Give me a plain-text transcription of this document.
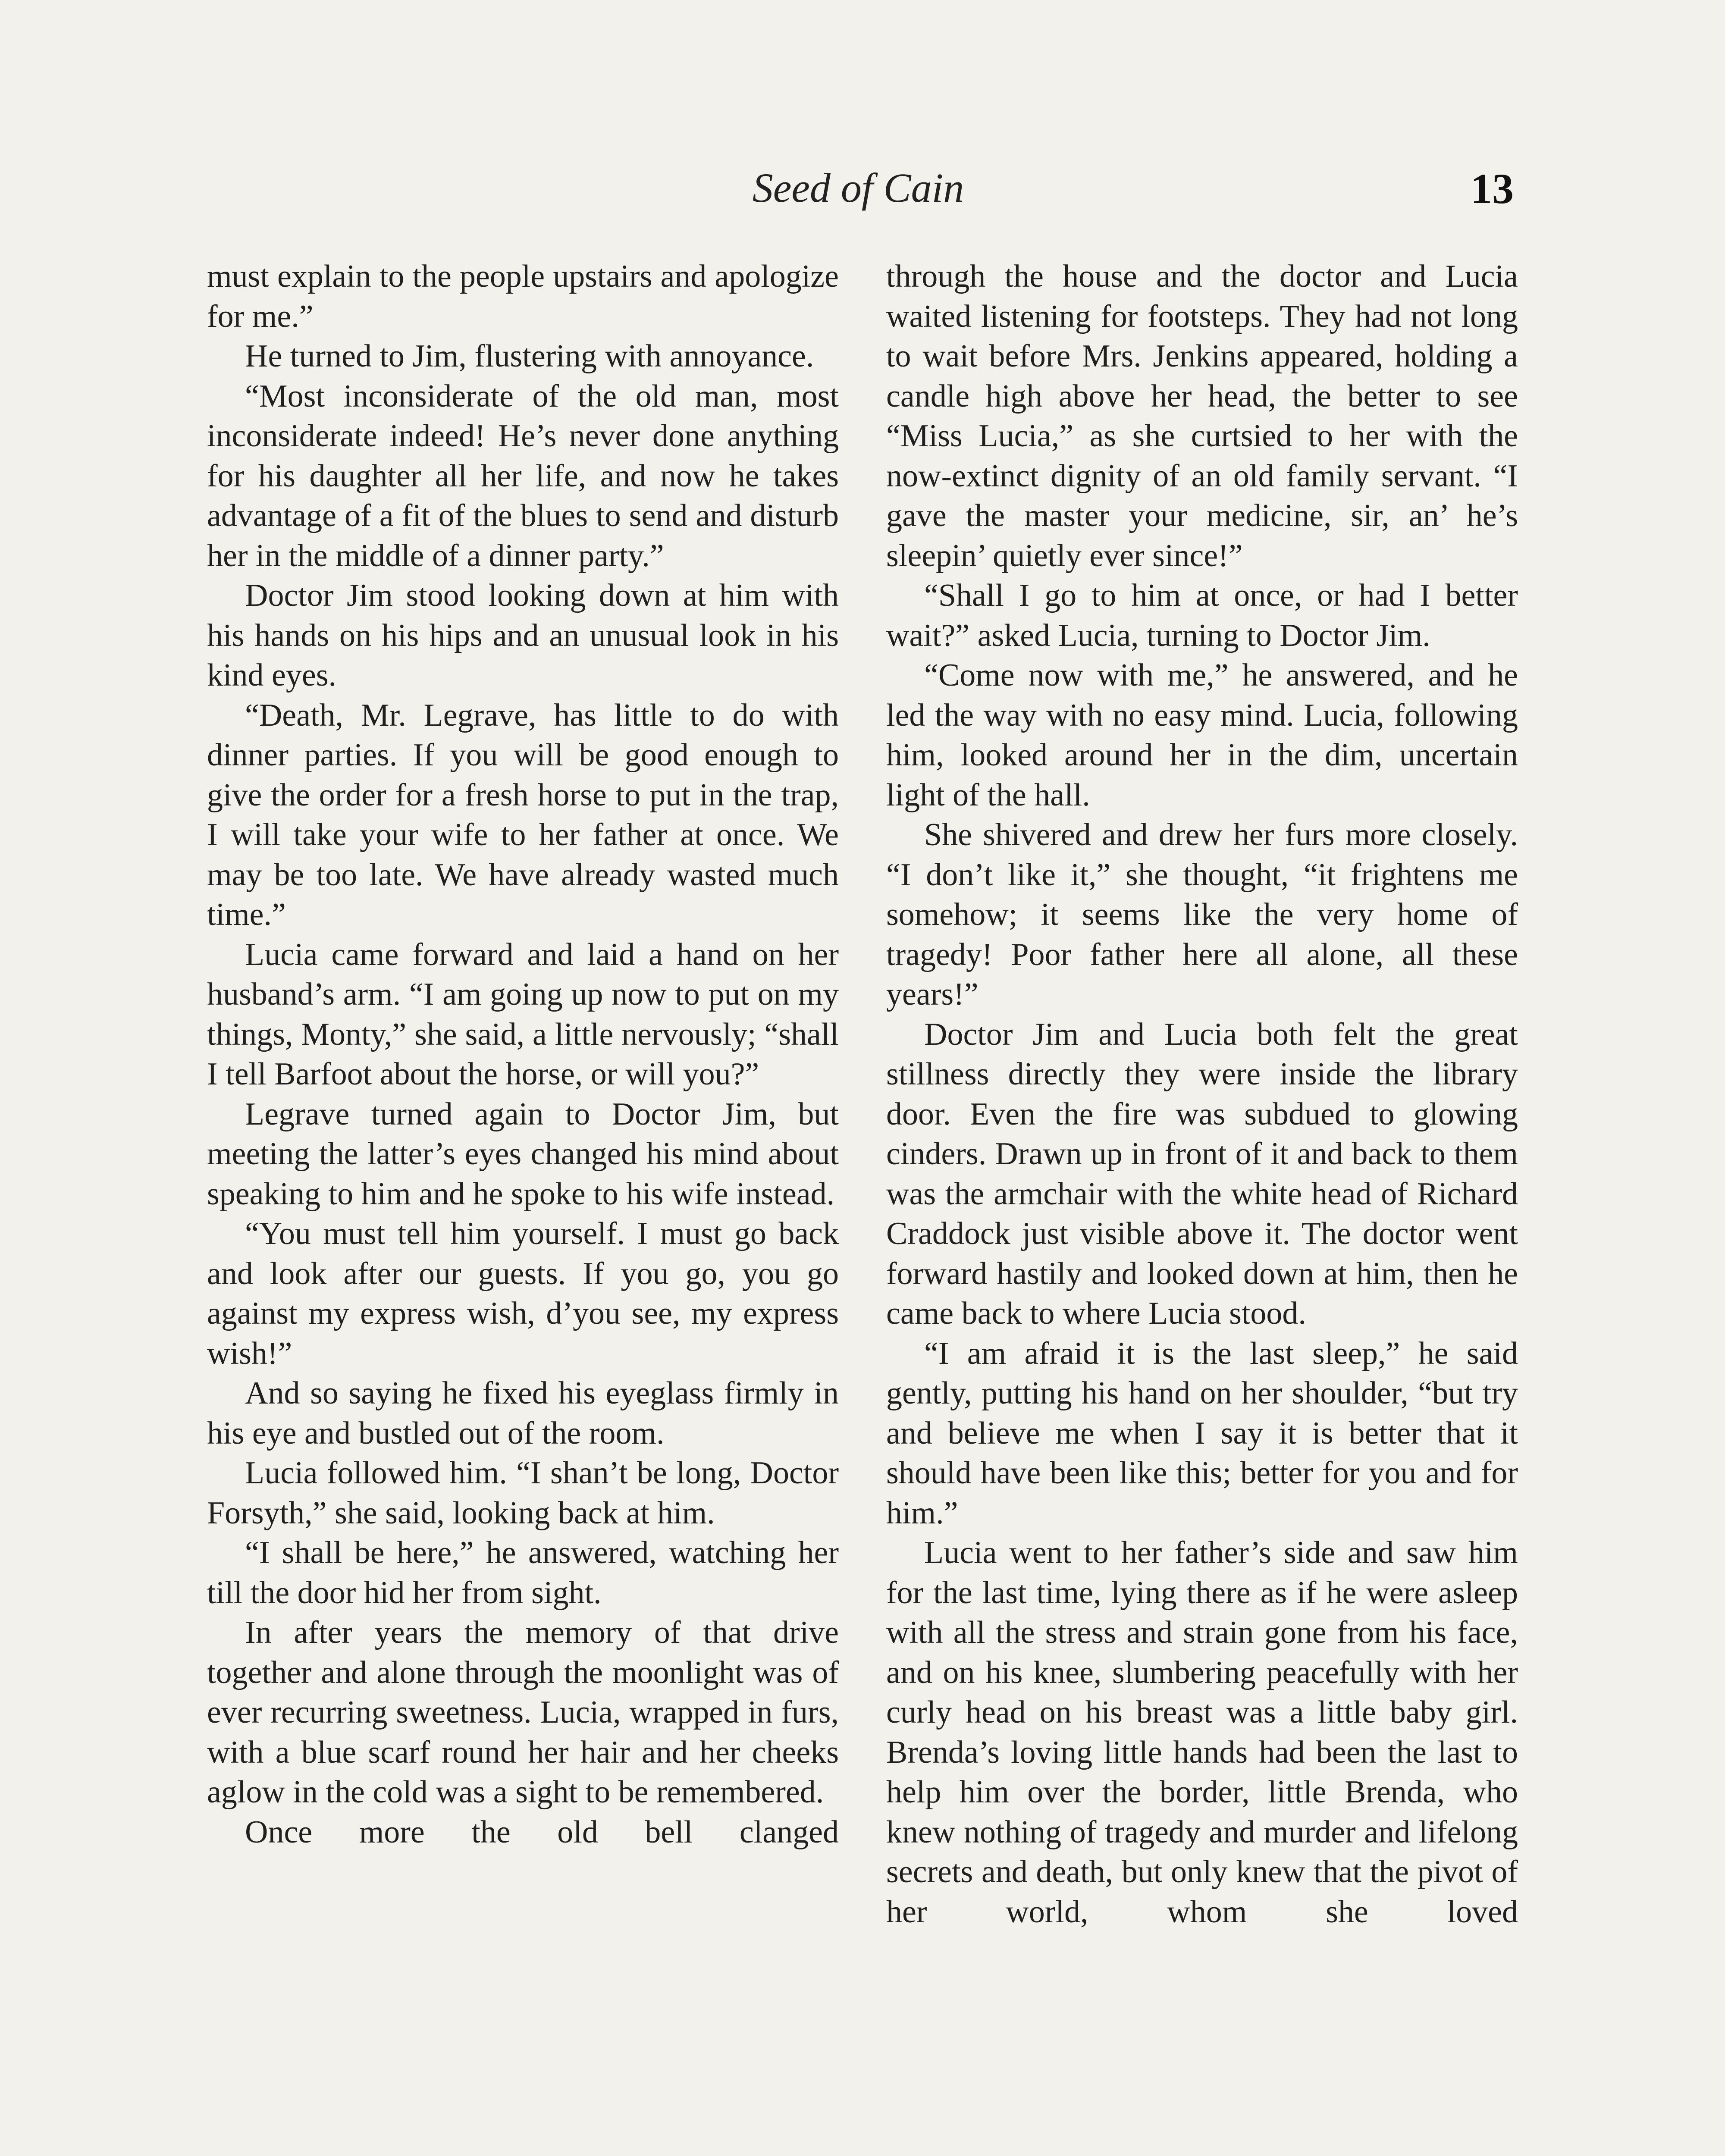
Seed of Cain	13

must explain to the people upstairs and apologize for me.”

He turned to Jim, flustering with annoyance.

“Most inconsiderate of the old man, most inconsiderate indeed! He’s never done anything for his daughter all her life, and now he takes advantage of a fit of the blues to send and disturb her in the middle of a dinner party.”

Doctor Jim stood looking down at him with his hands on his hips and an unusual look in his kind eyes.

“Death, Mr. Legrave, has little to do with dinner parties. If you will be good enough to give the order for a fresh horse to put in the trap, I will take your wife to her father at once. We may be too late. We have already wasted much time.”

Lucia came forward and laid a hand on her husband’s arm. “I am going up now to put on my things, Monty,” she said, a little nervously; “shall I tell Barfoot about the horse, or will you?”

Legrave turned again to Doctor Jim, but meeting the latter’s eyes changed his mind about speaking to him and he spoke to his wife instead.

“You must tell him yourself. I must go back and look after our guests. If you go, you go against my express wish, d’you see, my express wish!”

And so saying he fixed his eyeglass firmly in his eye and bustled out of the room.

Lucia followed him. “I shan’t be long, Doctor Forsyth,” she said, looking back at him.

“I shall be here,” he answered, watching her till the door hid her from sight.

In after years the memory of that drive together and alone through the moonlight was of ever recurring sweetness. Lucia, wrapped in furs, with a blue scarf round her hair and her cheeks aglow in the cold was a sight to be remembered.

Once more the old bell clanged

through the house and the doctor and Lucia waited listening for footsteps. They had not long to wait before Mrs. Jenkins appeared, holding a candle high above her head, the better to see “Miss Lucia,” as she curtsied to her with the now-extinct dignity of an old family servant. “I gave the master your medicine, sir, an’ he’s sleepin’ quietly ever since!”

“Shall I go to him at once, or had I better wait?” asked Lucia, turning to Doctor Jim.

“Come now with me,” he answered, and he led the way with no easy mind. Lucia, following him, looked around her in the dim, uncertain light of the hall.

She shivered and drew her furs more closely. “I don’t like it,” she thought, “it frightens me somehow; it seems like the very home of tragedy! Poor father here all alone, all these years!”

Doctor Jim and Lucia both felt the great stillness directly they were inside the library door. Even the fire was subdued to glowing cinders. Drawn up in front of it and back to them was the armchair with the white head of Richard Craddock just visible above it. The doctor went forward hastily and looked down at him, then he came back to where Lucia stood.

“I am afraid it is the last sleep,” he said gently, putting his hand on her shoulder, “but try and believe me when I say it is better that it should have been like this; better for you and for him.”

Lucia went to her father’s side and saw him for the last time, lying there as if he were asleep with all the stress and strain gone from his face, and on his knee, slumbering peacefully with her curly head on his breast was a little baby girl. Brenda’s loving little hands had been the last to help him over the border, little Brenda, who knew nothing of tragedy and murder and lifelong secrets and death, but only knew that the pivot of her world, whom she loved
